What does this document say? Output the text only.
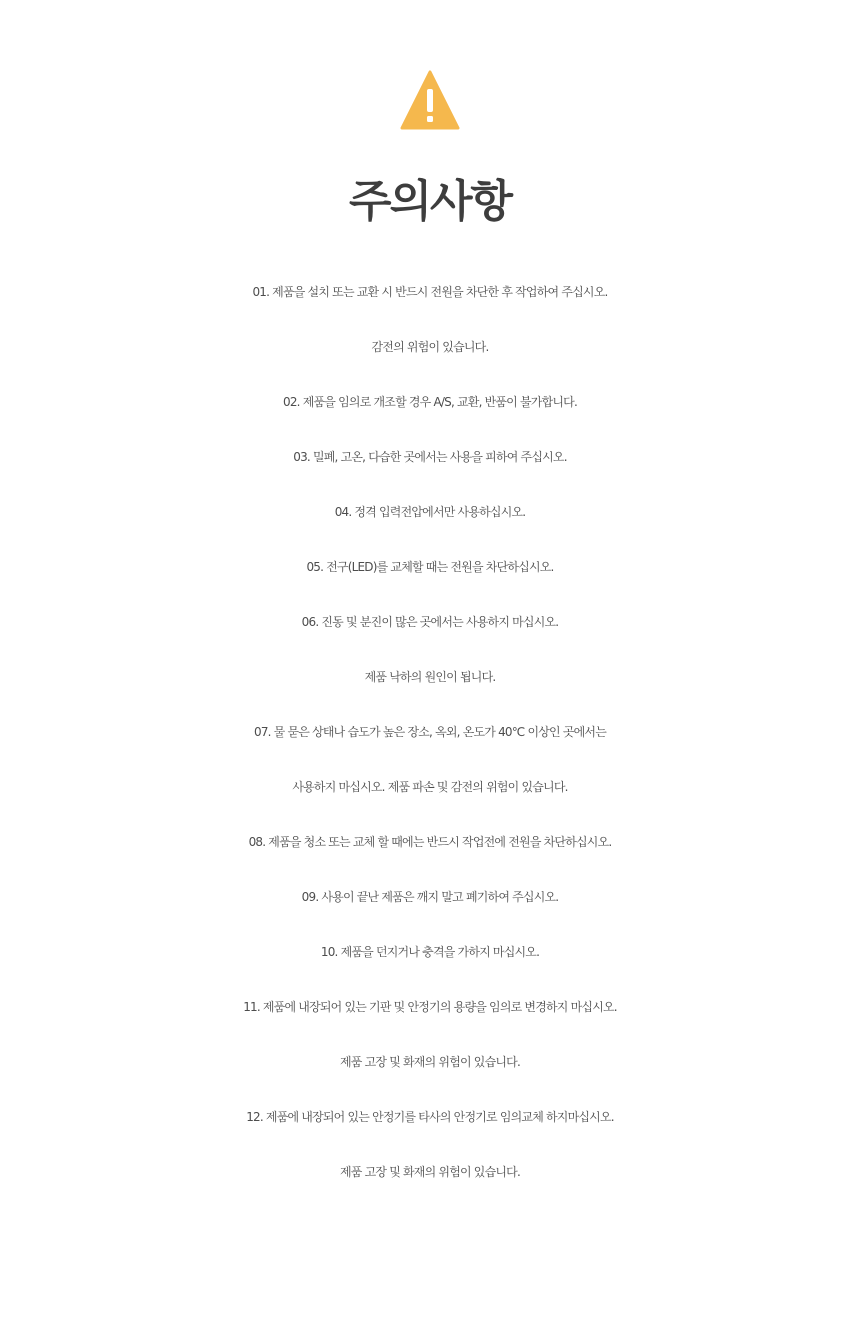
주의사항
01. 제품을 설치 또는 교환 시 반드시 전원을 차단한 후 작업하여 주십시오.
감전의 위험이 있습니다.
02. 제품을 임의로 개조할 경우 A/S, 교환, 반품이 불가합니다.
03. 밀폐, 고온, 다습한 곳에서는 사용을 피하여 주십시오.
04. 정격 입력전압에서만 사용하십시오.
05. 전구(LED)를 교체할 때는 전원을 차단하십시오.
06. 진동 및 분진이 많은 곳에서는 사용하지 마십시오.
제품 낙하의 원인이 됩니다.
07. 물 묻은 상태나 습도가 높은 장소, 옥외, 온도가 40℃ 이상인 곳에서는
사용하지 마십시오. 제품 파손 및 감전의 위험이 있습니다.
08. 제품을 청소 또는 교체 할 때에는 반드시 작업전에 전원을 차단하십시오.
09. 사용이 끝난 제품은 깨지 말고 폐기하여 주십시오.
10. 제품을 던지거나 충격을 가하지 마십시오.
11. 제품에 내장되어 있는 기판 및 안정기의 용량을 임의로 변경하지 마십시오.
제품 고장 및 화재의 위험이 있습니다.
12. 제품에 내장되어 있는 안정기를 타사의 안정기로 임의교체 하지마십시오.
제품 고장 및 화재의 위험이 있습니다.
